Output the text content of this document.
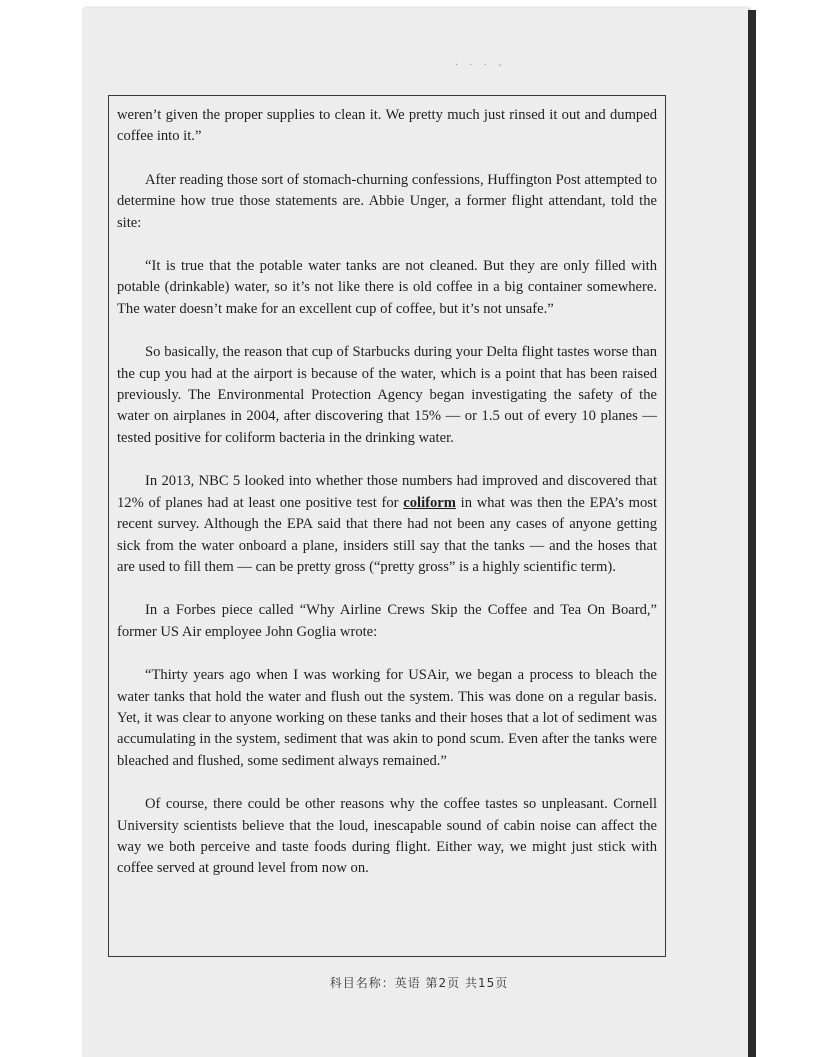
· · · -

weren’t given the proper supplies to clean it. We pretty much just rinsed it out and dumped coffee into it.”

After reading those sort of stomach-churning confessions, Huffington Post attempted to determine how true those statements are. Abbie Unger, a former flight attendant, told the site:

“It is true that the potable water tanks are not cleaned. But they are only filled with potable (drinkable) water, so it’s not like there is old coffee in a big container somewhere. The water doesn’t make for an excellent cup of coffee, but it’s not unsafe.”

So basically, the reason that cup of Starbucks during your Delta flight tastes worse than the cup you had at the airport is because of the water, which is a point that has been raised previously. The Environmental Protection Agency began investigating the safety of the water on airplanes in 2004, after discovering that 15% — or 1.5 out of every 10 planes — tested positive for coliform bacteria in the drinking water.

In 2013, NBC 5 looked into whether those numbers had improved and discovered that 12% of planes had at least one positive test for coliform in what was then the EPA’s most recent survey. Although the EPA said that there had not been any cases of anyone getting sick from the water onboard a plane, insiders still say that the tanks — and the hoses that are used to fill them — can be pretty gross (“pretty gross” is a highly scientific term).

In a Forbes piece called “Why Airline Crews Skip the Coffee and Tea On Board,” former US Air employee John Goglia wrote:

“Thirty years ago when I was working for USAir, we began a process to bleach the water tanks that hold the water and flush out the system. This was done on a regular basis. Yet, it was clear to anyone working on these tanks and their hoses that a lot of sediment was accumulating in the system, sediment that was akin to pond scum. Even after the tanks were bleached and flushed, some sediment always remained.”

Of course, there could be other reasons why the coffee tastes so unpleasant. Cornell University scientists believe that the loud, inescapable sound of cabin noise can affect the way we both perceive and taste foods during flight. Either way, we might just stick with coffee served at ground level from now on.

科目名称：英语 第2页 共15页
